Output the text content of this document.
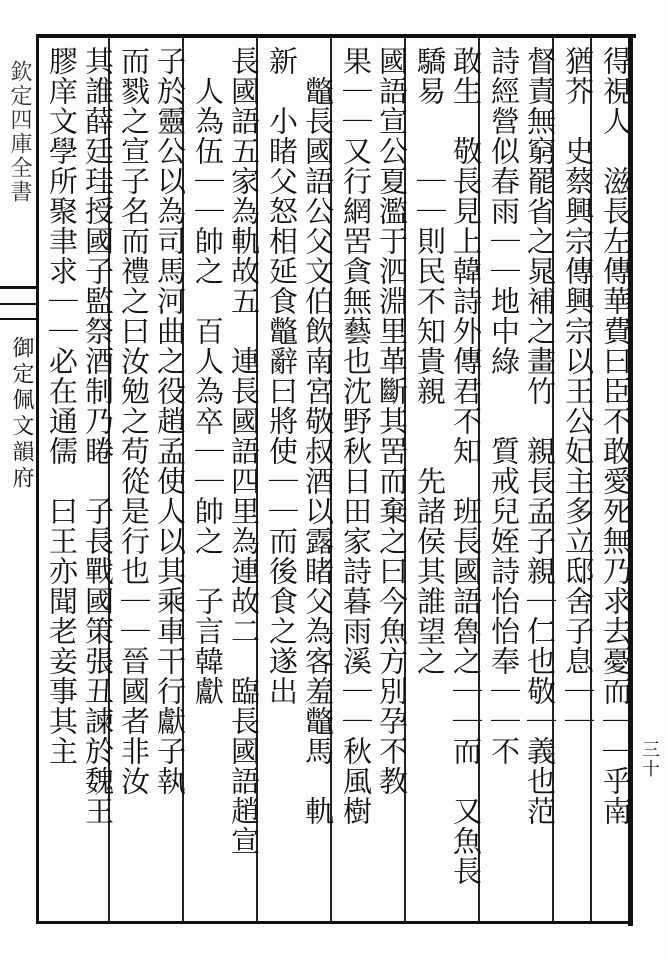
欽定四庫全書
御定佩文韻府
三十
得視人　滋長左傳華費曰臣不敢愛死無乃求去憂而｜｜乎南
猶芥　史蔡興宗傳興宗以王公妃主多立邸舍子息｜｜
督責無窮罷省之晁補之畫竹　親長孟子親｜仁也敬｜義也范
詩經營似春雨｜｜地中綠　　質戒兒姪詩怡怡奉｜｜不
敢生　敬長見上韓詩外傳君不知　班長國語魯之｜｜而　又魚長
驕易　　｜｜則民不知貴親　　先諸侯其誰望之
國語宣公夏濫于泗淵里革斷其罟而棄之曰今魚方別孕不教
果｜｜又行網罟貪無藝也沈野秋日田家詩暮雨溪｜｜秋風樹
　鼈長國語公父文伯飲南宮敬叔酒以露睹父為客羞鼈馬　軌
新　小睹父怒相延食鼈辭曰將使｜｜而後食之遂出
長國語五家為軌故五　連長國語四里為連故二　臨長國語趙宣
　人為伍｜｜帥之　百人為卒｜｜帥之　子言韓獻
子於靈公以為司馬河曲之役趙孟使人以其乘車干行獻子執
而戮之宣子名而禮之曰汝勉之苟從是行也｜｜晉國者非汝
其誰薛廷珪授國子監祭酒制乃睠　子長戰國策張丑諫於魏王
膠庠文學所聚聿求｜｜必在通儒　曰王亦聞老妾事其主
